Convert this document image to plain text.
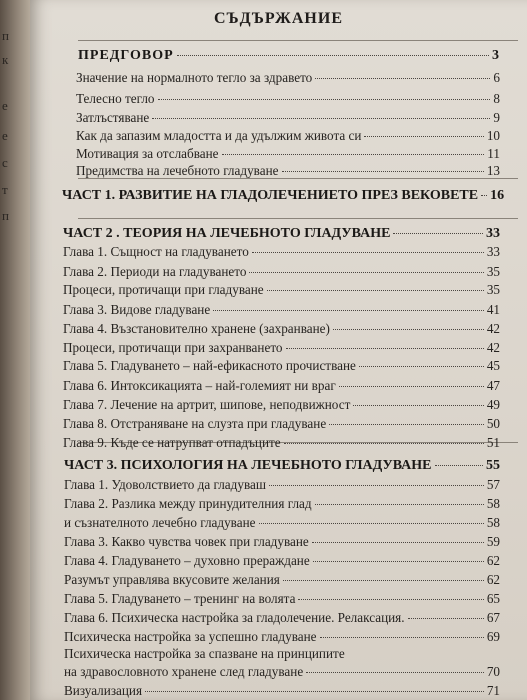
п
к
е
е
с
т
п
СЪДЪРЖАНИЕ
ПРЕДГОВОР	3
Значение на нормалното тегло за здравето	6
Телесно тегло	8
Затлъстяване	9
Как да запазим младостта и да удължим живота си	10
Мотивация за отслабване	11
Предимства на лечебното гладуване	13
ЧАСТ 1. РАЗВИТИЕ НА ГЛАДОЛЕЧЕНИЕТО ПРЕЗ ВЕКОВЕТЕ 16
ЧАСТ 2 . ТЕОРИЯ НА ЛЕЧЕБНОТО ГЛАДУВАНЕ	33
Глава 1. Същност на гладуването	33
Глава 2. Периоди на гладуването	35
Процеси, протичащи при гладуване	35
Глава 3. Видове гладуване	41
Глава 4. Възстановително хранене (захранване)	42
Процеси, протичащи при захранването	42
Глава 5. Гладуването – най-ефикасното прочистване	45
Глава 6. Интоксикацията – най-големият ни враг	47
Глава 7. Лечение на артрит, шипове, неподвижност	49
Глава 8. Отстраняване на слузта при гладуване	50
Глава 9. Къде се натрупват отпадъците	51
ЧАСТ 3. ПСИХОЛОГИЯ НА ЛЕЧЕБНОТО ГЛАДУВАНЕ	55
Глава 1. Удоволствието да гладуваш	57
Глава 2. Разлика между принудителния глад	58
и съзнателното лечебно гладуване	58
Глава 3. Какво чувства човек при гладуване	59
Глава 4. Гладуването – духовно прераждане	62
Разумът управлява вкусовите желания	62
Глава 5. Гладуването – тренинг на волята	65
Глава 6. Психическа настройка за гладолечение. Релаксация.	67
Психическа настройка за успешно гладуване	69
Психическа настройка за спазване на принципите
на здравословното хранене след гладуване	70
Визуализация	71
